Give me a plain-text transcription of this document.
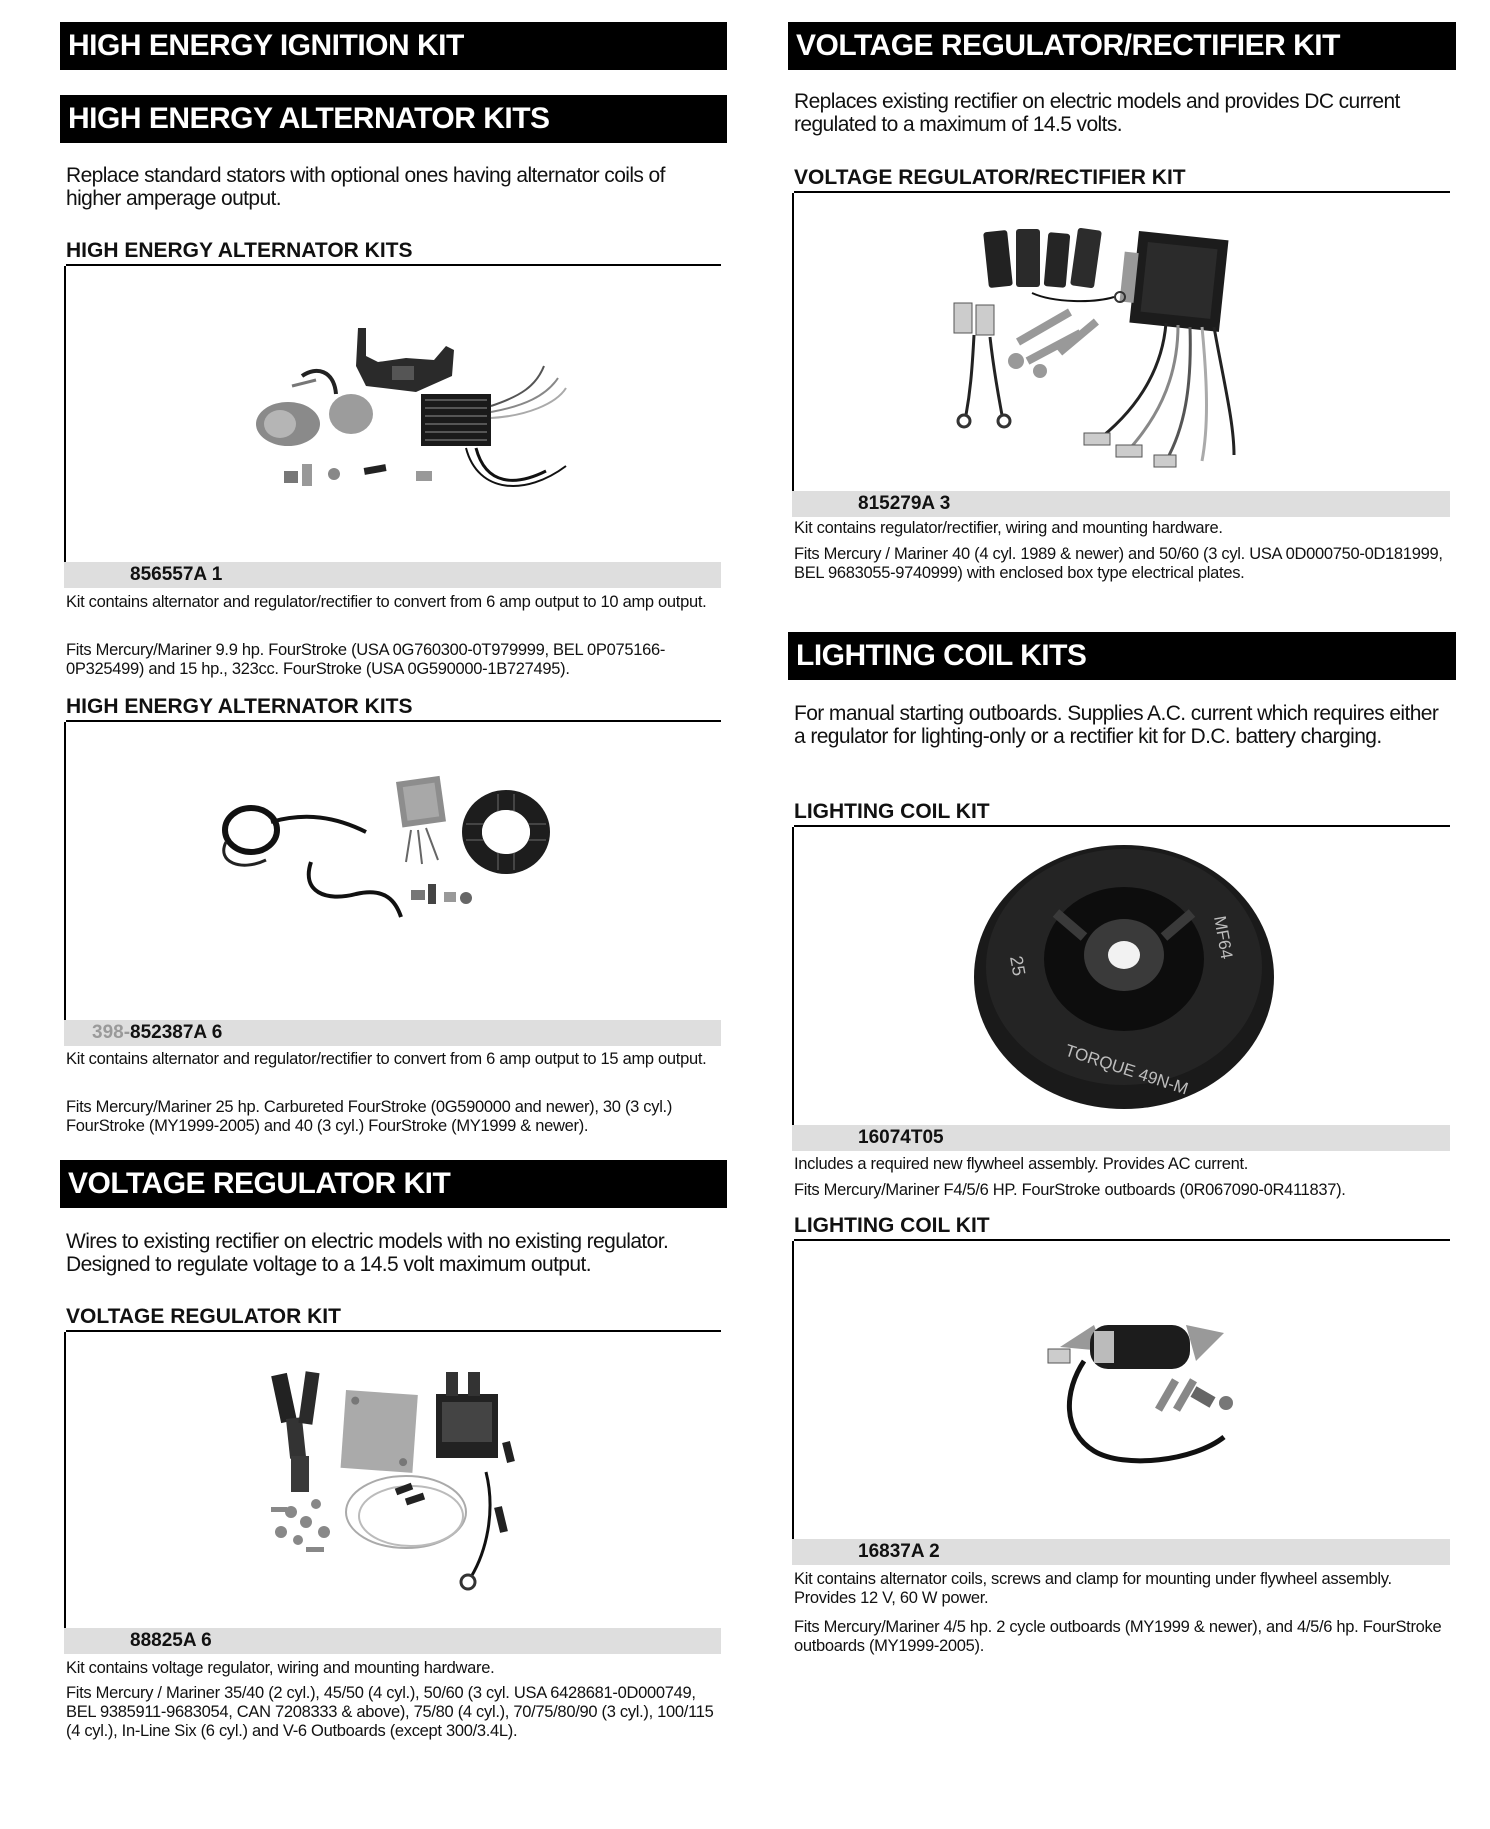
HIGH ENERGY IGNITION KIT
HIGH ENERGY ALTERNATOR KITS
Replace standard stators with optional ones having alternator coils of higher amperage output.
HIGH ENERGY ALTERNATOR KITS
856557A 1
Kit contains alternator and regulator/rectifier to convert from 6 amp output to 10 amp output.
Fits Mercury/Mariner 9.9 hp. FourStroke (USA 0G760300-0T979999, BEL 0P075166-0P325499) and 15 hp., 323cc. FourStroke (USA 0G590000-1B727495).
HIGH ENERGY ALTERNATOR KITS
398-852387A 6
Kit contains alternator and regulator/rectifier to convert from 6 amp output to 15 amp output.
Fits Mercury/Mariner 25 hp. Carbureted FourStroke (0G590000 and newer), 30 (3 cyl.) FourStroke (MY1999-2005) and 40 (3 cyl.) FourStroke (MY1999 & newer).
VOLTAGE REGULATOR KIT
Wires to existing rectifier on electric models with no existing regulator. Designed to regulate voltage to a 14.5 volt maximum output.
VOLTAGE REGULATOR KIT
88825A 6
Kit contains voltage regulator, wiring and mounting hardware.
Fits Mercury / Mariner 35/40 (2 cyl.), 45/50 (4 cyl.), 50/60 (3 cyl. USA 6428681-0D000749, BEL 9385911-9683054, CAN 7208333 & above), 75/80 (4 cyl.), 70/75/80/90 (3 cyl.), 100/115 (4 cyl.), In-Line Six (6 cyl.) and V-6 Outboards (except 300/3.4L).
VOLTAGE REGULATOR/RECTIFIER KIT
Replaces existing rectifier on electric models and provides DC current regulated to a maximum of 14.5 volts.
VOLTAGE REGULATOR/RECTIFIER KIT
815279A 3
Kit contains regulator/rectifier, wiring and mounting hardware.
Fits Mercury / Mariner 40 (4 cyl. 1989 & newer) and 50/60 (3 cyl. USA 0D000750-0D181999, BEL 9683055-9740999) with enclosed box type electrical plates.
LIGHTING COIL KITS
For manual starting outboards. Supplies A.C. current which requires either a regulator for lighting-only or a rectifier kit for D.C. battery charging.
LIGHTING COIL KIT
25
TORQUE 49N-M
MF64
16074T05
Includes a required new flywheel assembly. Provides AC current.
Fits Mercury/Mariner F4/5/6 HP. FourStroke outboards (0R067090-0R411837).
LIGHTING COIL KIT
16837A 2
Kit contains alternator coils, screws and clamp for mounting under flywheel assembly. Provides 12 V, 60 W power.
Fits Mercury/Mariner 4/5 hp. 2 cycle outboards (MY1999 & newer), and 4/5/6 hp. FourStroke outboards (MY1999-2005).
